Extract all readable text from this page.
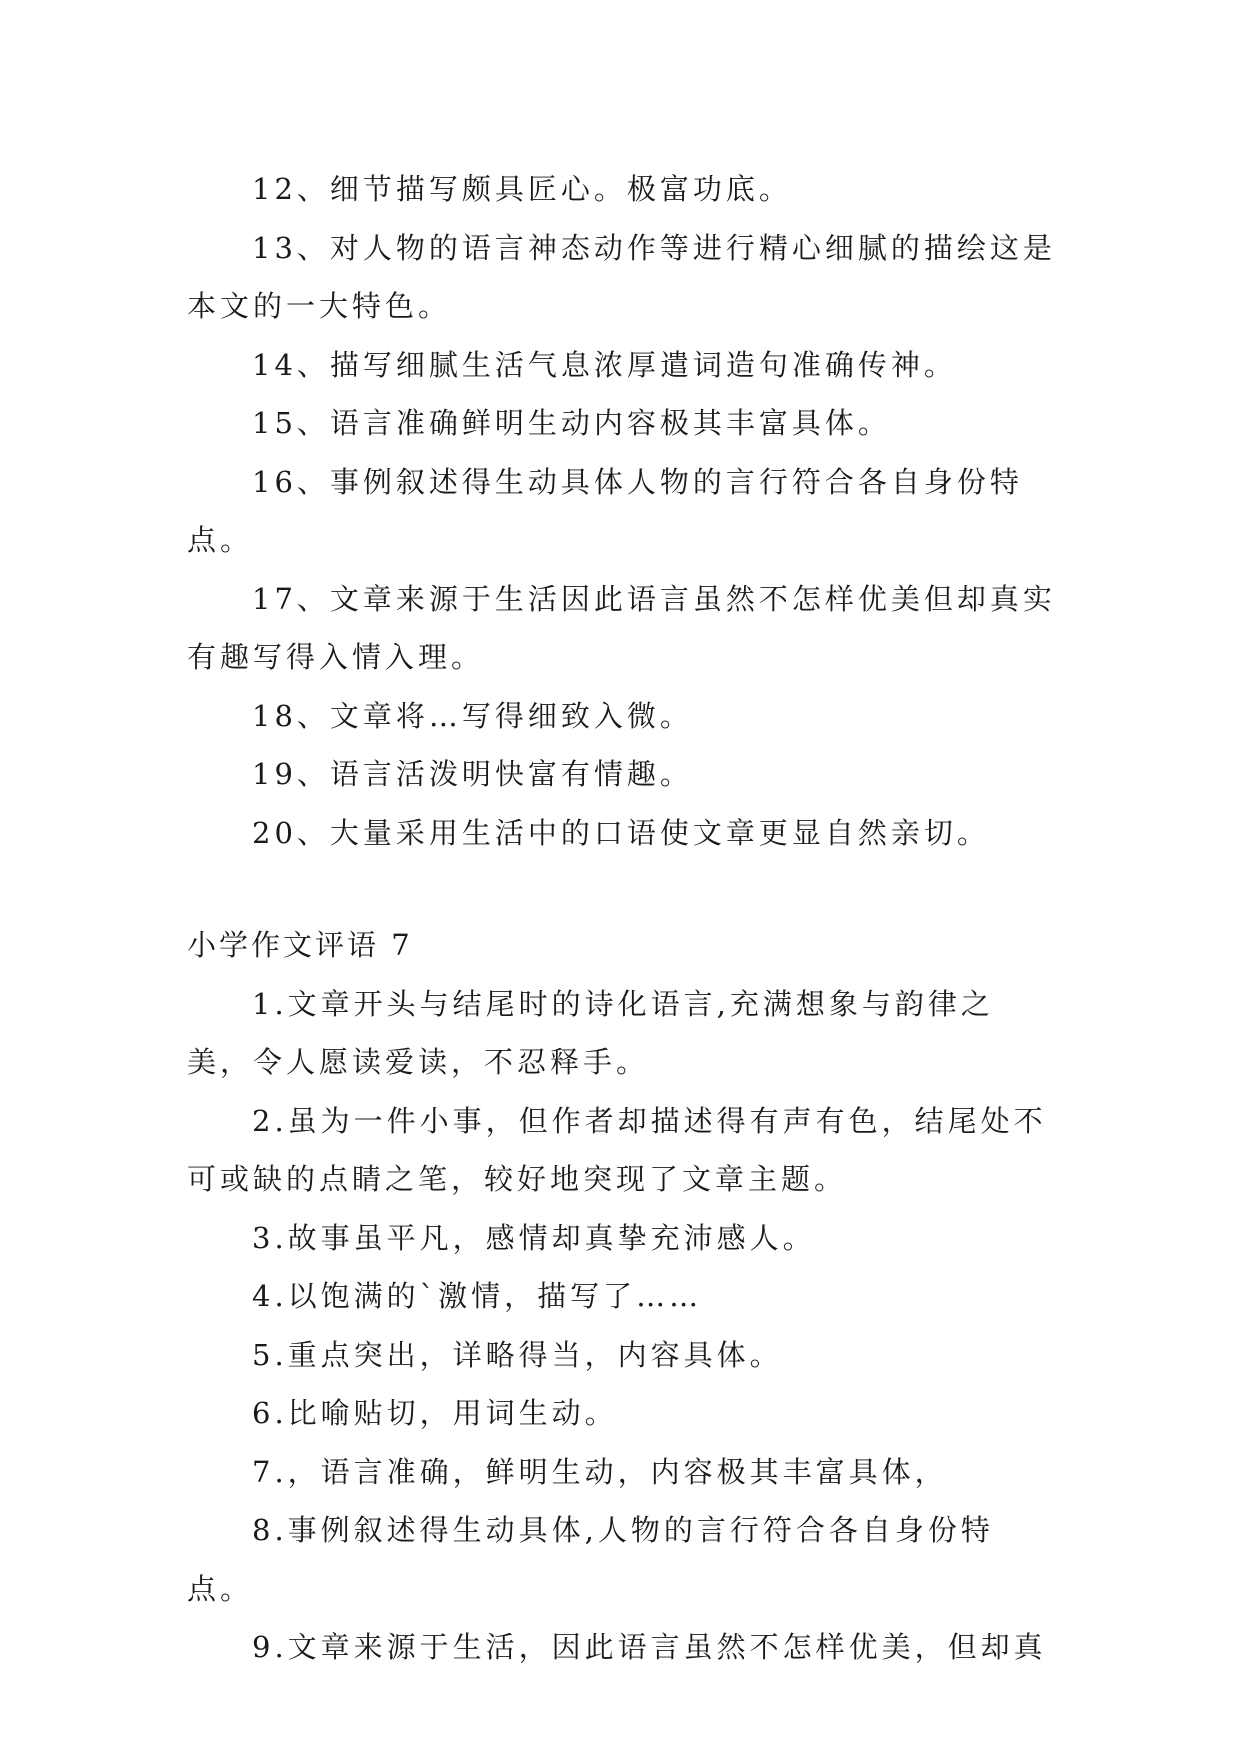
12、细节描写颇具匠心。极富功底。

13、对人物的语言神态动作等进行精心细腻的描绘这是本文的一大特色。

14、描写细腻生活气息浓厚遣词造句准确传神。

15、语言准确鲜明生动内容极其丰富具体。

16、事例叙述得生动具体人物的言行符合各自身份特点。

17、文章来源于生活因此语言虽然不怎样优美但却真实有趣写得入情入理。

18、文章将…写得细致入微。

19、语言活泼明快富有情趣。

20、大量采用生活中的口语使文章更显自然亲切。

小学作文评语 7

1.文章开头与结尾时的诗化语言,充满想象与韵律之美，令人愿读爱读，不忍释手。

2.虽为一件小事，但作者却描述得有声有色，结尾处不可或缺的点睛之笔，较好地突现了文章主题。

3.故事虽平凡，感情却真挚充沛感人。

4.以饱满的`激情，描写了……

5.重点突出，详略得当，内容具体。

6.比喻贴切，用词生动。

7.，语言准确，鲜明生动，内容极其丰富具体，

8.事例叙述得生动具体,人物的言行符合各自身份特点。

9.文章来源于生活，因此语言虽然不怎样优美，但却真
